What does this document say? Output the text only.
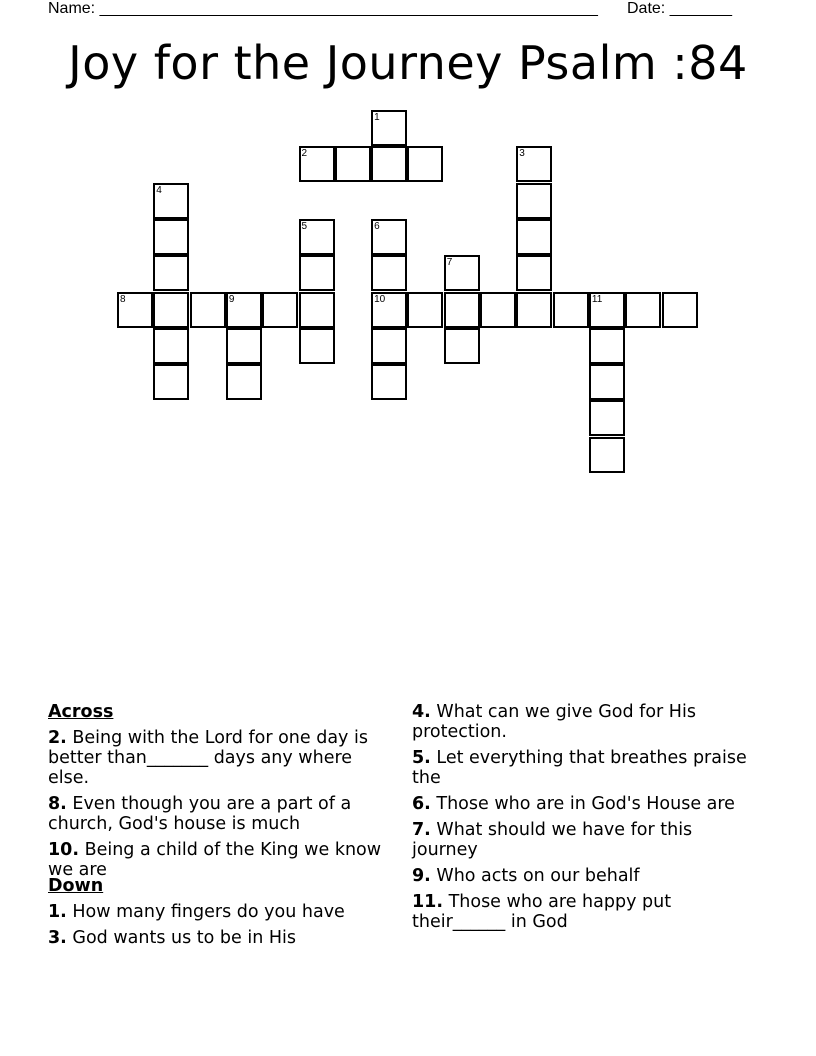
Name: ________________________________________________________ Date: _______
Joy for the Journey Psalm :84
1
2	3
4
5	6
7
8	9	10	11
Across
2. Being with the Lord for one day is better than_______ days any where else.
8. Even though you are a part of a church, God's house is much
10. Being a child of the King we know we are
Down
1. How many fingers do you have
3. God wants us to be in His
4. What can we give God for His protection.
5. Let everything that breathes praise the
6. Those who are in God's House are
7. What should we have for this journey
9. Who acts on our behalf
11. Those who are happy put their______ in God
